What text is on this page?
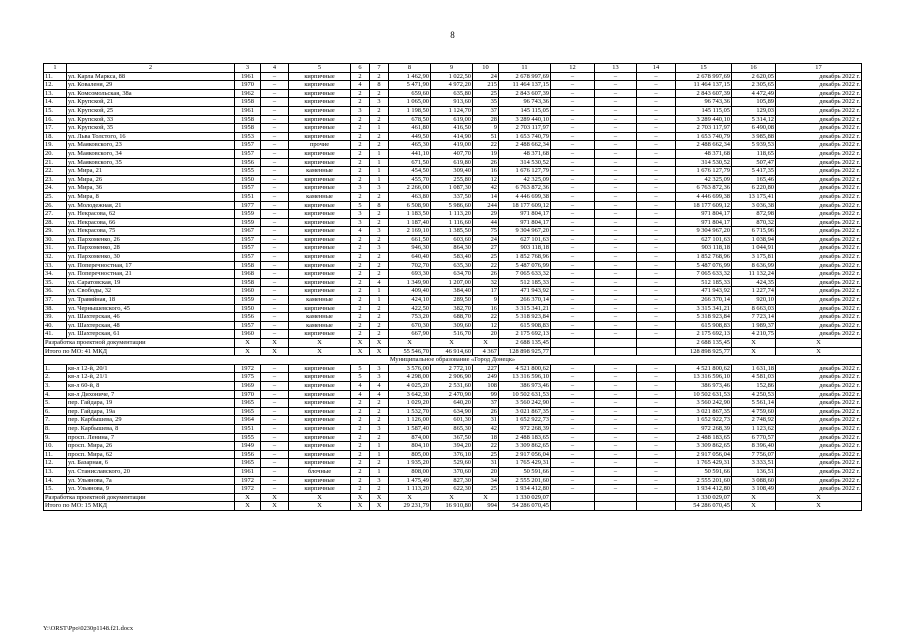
8
1	2	3	4	5	6	7	8	9	10	11	12	13	14	15	16	17
11.	ул. Карла Маркса, 88	1961	–	кирпичные	2	2	1 462,90	1 022,50	24	2 678 997,69	–	–	–	2 678 997,69	2 620,05	декабрь 2022 г.
12.	ул. Коваленя, 29	1970	–	кирпичные	4	8	5 471,90	4 972,20	215	11 464 137,15	–	–	–	11 464 137,15	2 305,65	декабрь 2022 г.
13.	ул. Комсомольская, 38а	1962	–	кирпичные	2	2	659,60	635,80	25	2 843 607,39	–	–	–	2 843 607,39	4 472,49	декабрь 2022 г.
14.	ул. Крупской, 21	1958	–	кирпичные	2	3	1 065,00	913,60	35	96 743,36	–	–	–	96 743,36	105,89	декабрь 2022 г.
15.	ул. Крупской, 25	1961	–	кирпичные	3	2	1 198,50	1 124,70	37	145 115,05	–	–	–	145 115,05	129,03	декабрь 2022 г.
16.	ул. Крупской, 33	1958	–	кирпичные	2	2	678,50	619,00	28	3 289 440,10	–	–	–	3 289 440,10	5 314,12	декабрь 2022 г.
17.	ул. Крупской, 35	1958	–	кирпичные	2	1	461,80	416,50	9	2 703 117,97	–	–	–	2 703 117,97	6 490,08	декабрь 2022 г.
18.	ул. Льва Толстого, 16	1953	–	кирпичные	2	2	449,50	414,90	51	1 653 740,79	–	–	–	1 653 740,79	3 985,88	декабрь 2022 г.
19.	ул. Маяковского, 23	1957	–	прочие	2	2	465,30	419,00	22	2 488 662,34	–	–	–	2 488 662,34	5 939,53	декабрь 2022 г.
20.	ул. Маяковского, 34	1957	–	кирпичные	2	1	441,10	407,70	19	48 371,68	–	–	–	48 371,68	118,65	декабрь 2022 г.
21.	ул. Маяковского, 35	1956	–	кирпичные	2	1	671,50	619,80	26	314 530,52	–	–	–	314 530,52	507,47	декабрь 2022 г.
22.	ул. Мира, 21	1955	–	каменные	2	1	454,50	309,40	16	1 676 127,79	–	–	–	1 676 127,79	5 417,35	декабрь 2022 г.
23.	ул. Мира, 26	1950	–	кирпичные	2	1	455,70	255,80	12	42 325,09	–	–	–	42 325,09	165,46	декабрь 2022 г.
24.	ул. Мира, 36	1957	–	кирпичные	3	3	2 266,00	1 087,30	42	6 763 872,36	–	–	–	6 763 872,36	6 220,80	декабрь 2022 г.
25.	ул. Мира, 8	1951	–	каменные	2	2	463,80	337,50	14	4 446 699,38	–	–	–	4 446 699,38	13 175,41	декабрь 2022 г.
26.	ул. Молодежная, 21	1977	–	кирпичные	5	8	6 508,90	5 986,60	244	18 177 609,12	–	–	–	18 177 609,12	3 036,38	декабрь 2022 г.
27.	ул. Некрасова, 62	1959	–	кирпичные	3	2	1 183,50	1 113,20	29	971 804,17	–	–	–	971 804,17	872,98	декабрь 2022 г.
28.	ул. Некрасова, 66	1959	–	кирпичные	3	2	1 187,40	1 116,60	44	971 804,17	–	–	–	971 804,17	870,32	декабрь 2022 г.
29.	ул. Некрасова, 75	1967	–	кирпичные	4	3	2 169,10	1 385,50	75	9 304 967,20	–	–	–	9 304 967,20	6 715,96	декабрь 2022 г.
30.	ул. Пархоменко, 26	1957	–	кирпичные	2	2	661,50	603,60	24	627 101,63	–	–	–	627 101,63	1 038,94	декабрь 2022 г.
31.	ул. Пархоменко, 28	1957	–	кирпичные	2	3	946,30	864,30	27	903 118,18	–	–	–	903 118,18	1 044,91	декабрь 2022 г.
32.	ул. Пархоменко, 30	1957	–	кирпичные	2	2	640,40	583,40	25	1 852 768,96	–	–	–	1 852 768,96	3 175,81	декабрь 2022 г.
33.	ул. Поперечностная, 17	1958	–	кирпичные	2	2	702,70	635,30	22	5 487 076,99	–	–	–	5 487 076,99	8 636,99	декабрь 2022 г.
34.	ул. Поперечностная, 21	1968	–	кирпичные	2	2	693,30	634,70	26	7 065 633,32	–	–	–	7 065 633,32	11 132,24	декабрь 2022 г.
35.	ул. Саратовская, 19	1958	–	кирпичные	2	4	1 349,90	1 207,00	32	512 185,33	–	–	–	512 185,33	424,35	декабрь 2022 г.
36.	ул. Свободы, 32	1960	–	кирпичные	2	1	409,40	384,40	17	471 943,92	–	–	–	471 943,92	1 227,74	декабрь 2022 г.
37.	ул. Травяйная, 18	1959	–	каменные	2	1	424,10	289,50	9	266 370,14	–	–	–	266 370,14	920,10	декабрь 2022 г.
38.	ул. Чернышевского, 45	1950	–	кирпичные	2	2	422,50	382,70	16	3 315 341,21	–	–	–	3 315 341,21	8 663,03	декабрь 2022 г.
39.	ул. Шахтерская, 46	1956	–	каменные	2	2	753,20	688,70	22	5 318 923,84	–	–	–	5 318 923,84	7 723,14	декабрь 2022 г.
40.	ул. Шахтерская, 48	1957	–	каменные	2	2	670,30	309,60	12	615 908,83	–	–	–	615 908,83	1 989,37	декабрь 2022 г.
41.	ул. Шахтерская, 61	1960	–	кирпичные	2	2	667,90	516,70	20	2 175 692,13	–	–	–	2 175 692,13	4 210,75	декабрь 2022 г.
Разработка проектной документации		Х	Х	Х	Х	Х	Х	Х	Х	2 688 135,45				2 688 135,45	Х	Х
Итого по МО: 41 МКД		Х	Х	Х	Х	Х	55 546,70	46 914,60	4 367	128 898 925,77				128 898 925,77	Х	Х
Муниципальное образование «Город Донецк»																
1.	кв-л 12-й, 20/1	1972	–	кирпичные	5	3	3 576,00	2 772,10	227	4 521 800,62	–	–	–	4 521 800,62	1 631,18	декабрь 2022 г.
2.	кв-л 12-й, 21/1	1975	–	кирпичные	5	3	4 298,00	2 906,90	249	13 316 596,10	–	–	–	13 316 596,10	4 581,03	декабрь 2022 г.
3.	кв-л 60-й, 8	1969	–	кирпичные	4	4	4 025,20	2 531,60	108	386 973,46	–	–	–	386 973,46	152,86	декабрь 2022 г.
4.	кв-л Дихониче, 7	1970	–	кирпичные	4	4	3 642,30	2 470,90	99	10 502 631,53	–	–	–	10 502 631,53	4 250,53	декабрь 2022 г.
5.	пер. Гайдара, 19	1965	–	кирпичные	2	2	1 029,20	640,20	37	3 560 242,90	–	–	–	3 560 242,90	5 561,14	декабрь 2022 г.
6.	пер. Гайдара, 19а	1965	–	кирпичные	2	2	1 532,70	634,90	26	3 021 867,35	–	–	–	3 021 867,35	4 759,60	декабрь 2022 г.
7.	пер. Карбышева, 29	1964	–	кирпичные	2	2	1 126,00	601,30	31	1 652 922,73	–	–	–	1 652 922,73	2 748,92	декабрь 2022 г.
8.	пер. Карбышева, 8	1951	–	кирпичные	2	3	1 587,40	865,30	42	972 268,39	–	–	–	972 268,39	1 123,62	декабрь 2022 г.
9.	просп. Ленина, 7	1955	–	кирпичные	2	2	874,00	367,50	18	2 488 183,65	–	–	–	2 488 183,65	6 770,57	декабрь 2022 г.
10.	просп. Мира, 26	1949	–	кирпичные	2	1	804,10	394,20	22	3 309 862,65	–	–	–	3 309 862,65	8 396,40	декабрь 2022 г.
11.	просп. Мира, 62	1956	–	кирпичные	2	1	805,00	376,10	25	2 917 056,04	–	–	–	2 917 056,04	7 756,07	декабрь 2022 г.
12.	ул. Базарная, 6	1965	–	кирпичные	2	2	1 935,20	529,60	31	1 765 429,31	–	–	–	1 765 429,31	3 333,51	декабрь 2022 г.
13.	ул. Станиславского, 20	1961	–	блочные	2	1	808,00	370,60	20	50 591,66	–	–	–	50 591,66	136,51	декабрь 2022 г.
14.	ул. Ульянова, 7а	1972	–	кирпичные	2	3	1 475,49	827,30	34	2 555 201,60	–	–	–	2 555 201,60	3 088,60	декабрь 2022 г.
15.	ул. Ульянова, 9	1972	–	кирпичные	2	2	1 113,20	622,30	25	1 934 412,80	–	–	–	1 934 412,80	3 108,49	декабрь 2022 г.
Разработка проектной документации		Х	Х	Х	Х	Х	Х	Х	Х	1 330 029,07				1 330 029,07	Х	Х
Итого по МО: 15 МКД		Х	Х	Х	Х	Х	29 231,79	16 910,80	994	54 286 070,45				54 286 070,45	Х	Х
Y:\ORST\Ppo\0230p1148.f21.docx
